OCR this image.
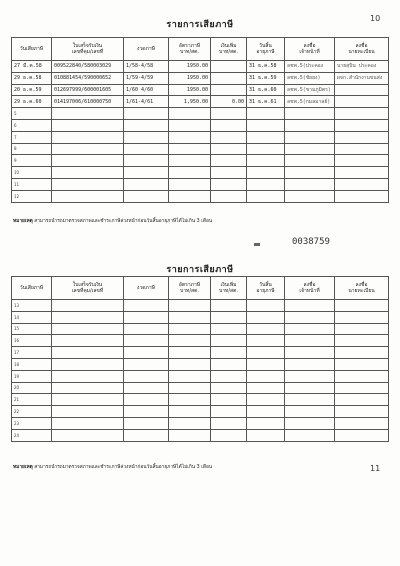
10
รายการเสียภาษี
วันเสียภาษี	ใบเสร็จรับเงิน
เลขที่คุม/เลขที่	งวดภาษี	อัตราภาษี
บาท/สต.	เงินเพิ่ม
บาท/สต.	วันสิ้น
อายุภาษี	ลงชื่อ
เจ้าหน้าที่	ลงชื่อ
นายทะเบียน
27 มี.ค.58	009522840/580003029	1/58-4/58	1950.00		31 ธ.ค.58	ลชพ.5(ประคอง	นายสุบิน ประคอง
29 ธ.ค.58	010881454/590000652	1/59-4/59	1950.00		31 ธ.ค.59	ลชพ.5(ชัยยง)	ผจก.สำนักงานขนส่ง
20 ธ.ค.59	012697999/600001605	1/60 4/60	1950.00		31 ธ.ค.60	ลชพ.5(ชามภูมิตร)	
29 ธ.ค.60	014197006/610000750	1/61-4/61	1,950.00	0.00	31 ธ.ค.61	ลชพ.5(กมลมาลย์)	
5							
6							
7							
8							
9							
10							
11							
12							
หมายเหตุ สามารถนำรถมาตรวจสภาพและชำระภาษีล่วงหน้าก่อนวันสิ้นอายุภาษีได้ไม่เกิน 3 เดือน
0038759
รายการเสียภาษี
วันเสียภาษี	ใบเสร็จรับเงิน
เลขที่คุม/เลขที่	งวดภาษี	อัตราภาษี
บาท/สต.	เงินเพิ่ม
บาท/สต.	วันสิ้น
อายุภาษี	ลงชื่อ
เจ้าหน้าที่	ลงชื่อ
นายทะเบียน
13							
14							
15							
16							
17							
18							
19							
20							
21							
22							
23							
24							
หมายเหตุ สามารถนำรถมาตรวจสภาพและชำระภาษีล่วงหน้าก่อนวันสิ้นอายุภาษีได้ไม่เกิน 3 เดือน	11
